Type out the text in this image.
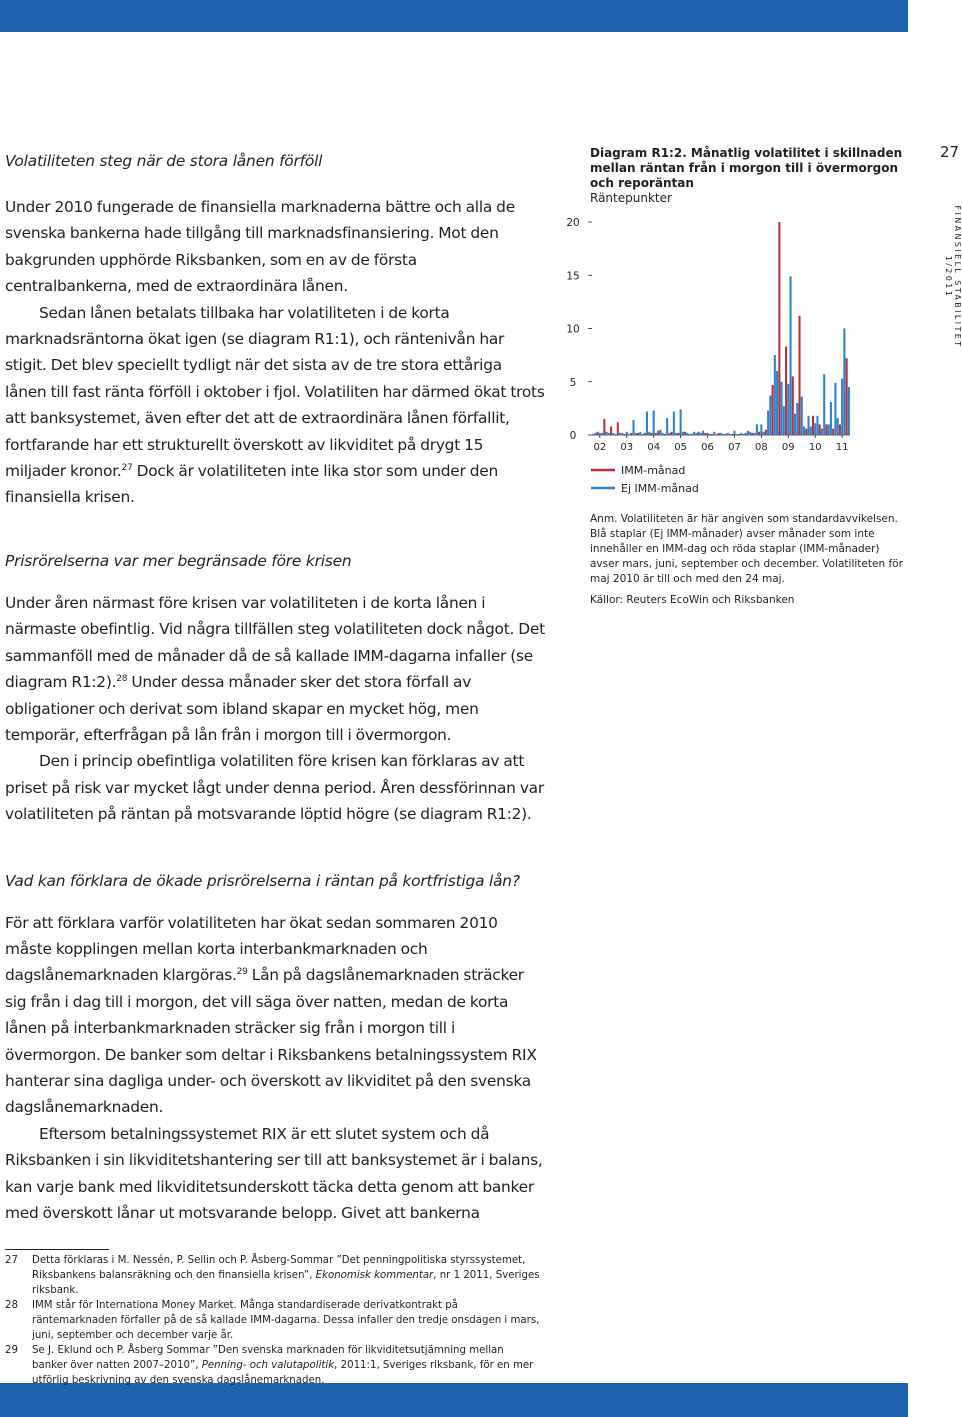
27
FINANSIELL STABILITET 1/2011

Volatiliteten steg när de stora lånen förföll

Under 2010 fungerade de finansiella marknaderna bättre och alla de svenska bankerna hade tillgång till marknadsfinansiering. Mot den bakgrunden upphörde Riksbanken, som en av de första centralbankerna, med de extraordinära lånen.

Sedan lånen betalats tillbaka har volatiliteten i de korta marknadsräntorna ökat igen (se diagram R1:1), och räntenivån har stigit. Det blev speciellt tydligt när det sista av de tre stora ettåriga lånen till fast ränta förföll i oktober i fjol. Volatiliten har därmed ökat trots att banksystemet, även efter det att de extraordinära lånen förfallit, fortfarande har ett strukturellt överskott av likviditet på drygt 15 miljader kronor.$^{27}$ Dock är volatiliteten inte lika stor som under den finansiella krisen.

Prisrörelserna var mer begränsade före krisen

Under åren närmast före krisen var volatiliteten i de korta lånen i närmaste obefintlig. Vid några tillfällen steg volatiliteten dock något. Det sammanföll med de månader då de så kallade IMM-dagarna infaller (se diagram R1:2).$^{28}$ Under dessa månader sker det stora förfall av obligationer och derivat som ibland skapar en mycket hög, men temporär, efterfrågan på lån från i morgon till i övermorgon.

Den i princip obefintliga volatiliten före krisen kan förklaras av att priset på risk var mycket lågt under denna period. Åren dessförinnan var volatiliteten på räntan på motsvarande löptid högre (se diagram R1:2).

Vad kan förklara de ökade prisrörelserna i räntan på kortfristiga lån?

För att förklara varför volatiliteten har ökat sedan sommaren 2010 måste kopplingen mellan korta interbankmarknaden och dagslånemarknaden klargöras.$^{29}$ Lån på dagslånemarknaden sträcker sig från i dag till i morgon, det vill säga över natten, medan de korta lånen på interbankmarknaden sträcker sig från i morgon till i övermorgon. De banker som deltar i Riksbankens betalningssystem RIX hanterar sina dagliga under- och överskott av likviditet på den svenska dagslånemarknaden.

Eftersom betalningssystemet RIX är ett slutet system och då Riksbanken i sin likviditetshantering ser till att banksystemet är i balans, kan varje bank med likviditetsunderskott täcka detta genom att banker med överskott lånar ut motsvarande belopp. Givet att bankerna

27 Detta förklaras i M. Nessén, P. Sellin och P. Åsberg-Sommar ”Det penningpolitiska styrssystemet, Riksbankens balansräkning och den finansiella krisen”, Ekonomisk kommentar, nr 1 2011, Sveriges riksbank.

28 IMM står för Internationa Money Market. Många standardiserade derivatkontrakt på räntemarknaden förfaller på de så kallade IMM-dagarna. Dessa infaller den tredje onsdagen i mars, juni, september och december varje år.

29 Se J. Eklund och P. Åsberg Sommar ”Den svenska marknaden för likviditetsutjämning mellan banker över natten 2007–2010”, Penning- och valutapolitik, 2011:1, Sveriges riksbank, för en mer utförlig beskrivning av den svenska dagslånemarknaden.

Diagram R1:2. Månatlig volatilitet i skillnaden mellan räntan från i morgon till i övermorgon och reporäntan

Räntepunkter

0
5
10
15
20
02 03 04 05 06 07 08 09 10 11
IMM-månad
Ej IMM-månad

Anm. Volatiliteten är här angiven som standardavvikelsen. Blå staplar (Ej IMM-månader) avser månader som inte innehåller en IMM-dag och röda staplar (IMM-månader) avser mars, juni, september och december. Volatiliteten för maj 2010 är till och med den 24 maj.

Källor: Reuters EcoWin och Riksbanken
